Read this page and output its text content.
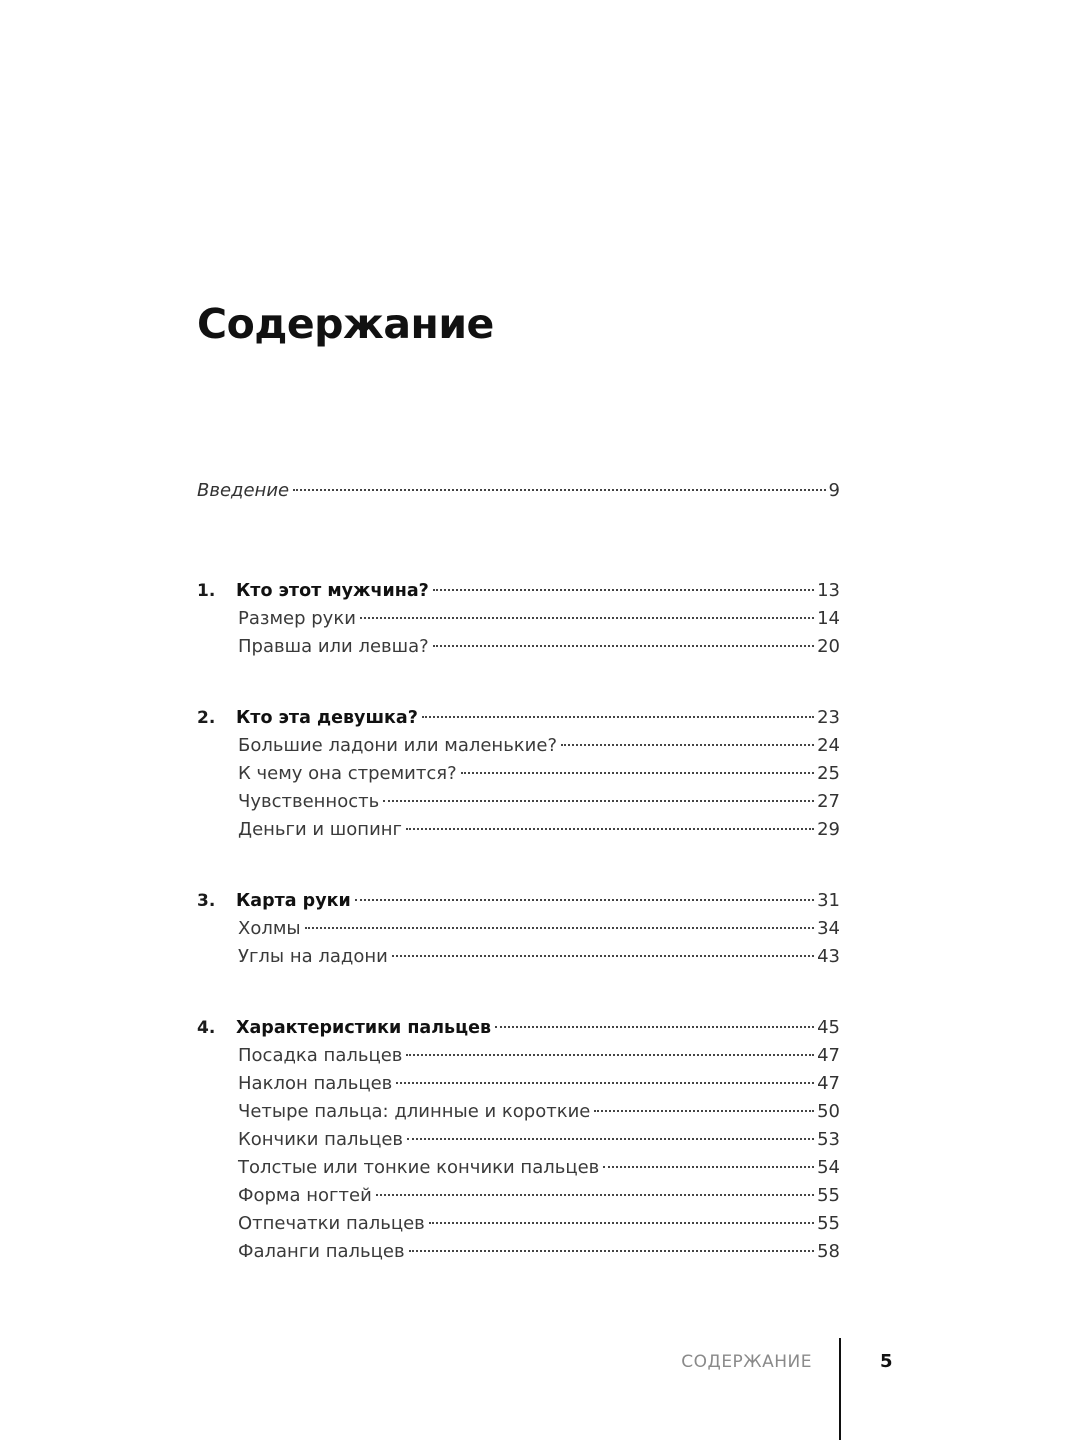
Содержание
Введение	9
1.	Кто этот мужчина?	13
Размер руки	14
Правша или левша?	20
2.	Кто эта девушка?	23
Большие ладони или маленькие?	24
К чему она стремится?	25
Чувственность	27
Деньги и шопинг	29
3.	Карта руки	31
Холмы	34
Углы на ладони	43
4.	Характеристики пальцев	45
Посадка пальцев	47
Наклон пальцев	47
Четыре пальца: длинные и короткие	50
Кончики пальцев	53
Толстые или тонкие кончики пальцев	54
Форма ногтей	55
Отпечатки пальцев	55
Фаланги пальцев	58
СОДЕРЖАНИЕ	5
